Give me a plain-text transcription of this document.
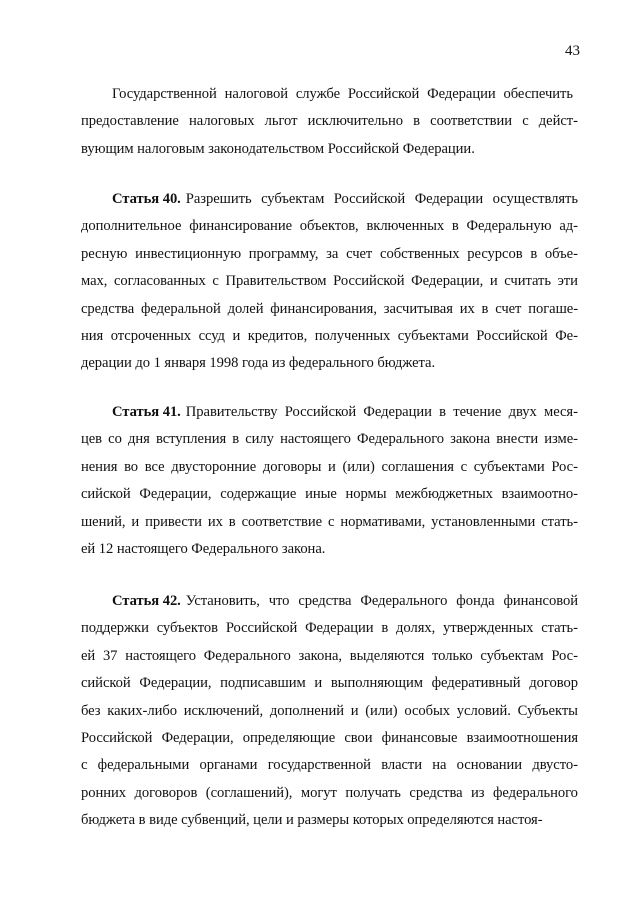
43
Государственной налоговой службе Российской Федерации обеспечить
предоставление налоговых льгот исключительно в соответствии с дейст-
вующим налоговым законодательством Российской Федерации.
Статья 40. Разрешить субъектам Российской Федерации осуществлять
дополнительное финансирование объектов, включенных в Федеральную ад-
ресную инвестиционную программу, за счет собственных ресурсов в объе-
мах, согласованных с Правительством Российской Федерации, и считать эти
средства федеральной долей финансирования, засчитывая их в счет погаше-
ния отсроченных ссуд и кредитов, полученных субъектами Российской Фе-
дерации до 1 января 1998 года из федерального бюджета.
Статья 41. Правительству Российской Федерации в течение двух меся-
цев со дня вступления в силу настоящего Федерального закона внести изме-
нения во все двусторонние договоры и (или) соглашения с субъектами Рос-
сийской Федерации, содержащие иные нормы межбюджетных взаимоотно-
шений, и привести их в соответствие с нормативами, установленными стать-
ей 12 настоящего Федерального закона.
Статья 42. Установить, что средства Федерального фонда финансовой
поддержки субъектов Российской Федерации в долях, утвержденных стать-
ей 37 настоящего Федерального закона, выделяются только субъектам Рос-
сийской Федерации, подписавшим и выполняющим федеративный договор
без каких-либо исключений, дополнений и (или) особых условий. Субъекты
Российской Федерации, определяющие свои финансовые взаимоотношения
с федеральными органами государственной власти на основании двусто-
ронних договоров (соглашений), могут получать средства из федерального
бюджета в виде субвенций, цели и размеры которых определяются настоя-
